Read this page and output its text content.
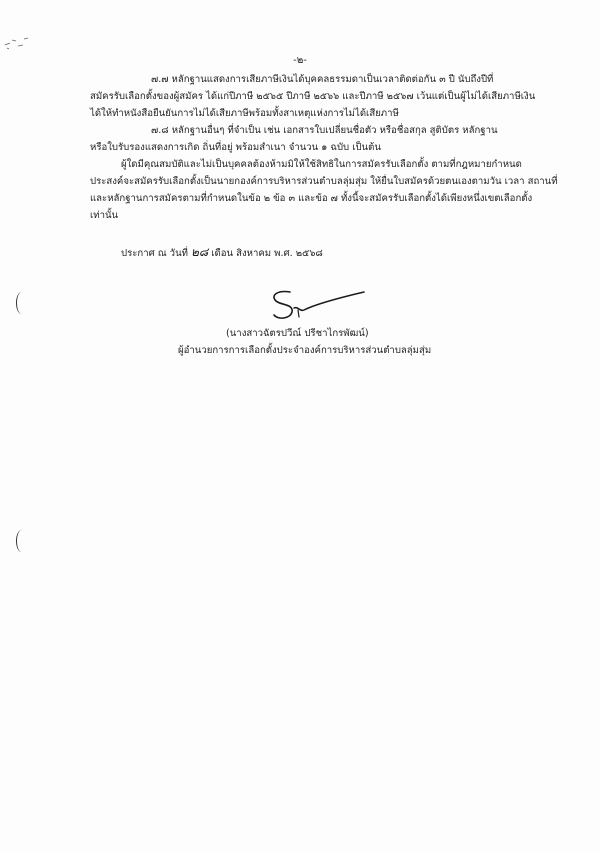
-๒-
๗.๗ หลักฐานแสดงการเสียภาษีเงินได้บุคคลธรรมดาเป็นเวลาติดต่อกัน ๓ ปี นับถึงปีที่
สมัครรับเลือกตั้งของผู้สมัคร ได้แก่ปีภาษี ๒๕๖๕ ปีภาษี ๒๕๖๖ และปีภาษี ๒๕๖๗ เว้นแต่เป็นผู้ไม่ได้เสียภาษีเงิน
ได้ให้ทำหนังสือยืนยันการไม่ได้เสียภาษีพร้อมทั้งสาเหตุแห่งการไม่ได้เสียภาษี
๗.๘ หลักฐานอื่นๆ ที่จำเป็น เช่น เอกสารใบเปลี่ยนชื่อตัว หรือชื่อสกุล สูติบัตร หลักฐาน
หรือใบรับรองแสดงการเกิด ถิ่นที่อยู่ พร้อมสำเนา จำนวน ๑ ฉบับ เป็นต้น
ผู้ใดมีคุณสมบัติและไม่เป็นบุคคลต้องห้ามมิให้ใช้สิทธิในการสมัครรับเลือกตั้ง ตามที่กฎหมายกำหนด
ประสงค์จะสมัครรับเลือกตั้งเป็นนายกองค์การบริหารส่วนตำบลลุ่มสุ่ม ให้ยื่นใบสมัครด้วยตนเองตามวัน เวลา สถานที่
และหลักฐานการสมัครตามที่กำหนดในข้อ ๒ ข้อ ๓ และข้อ ๗ ทั้งนี้จะสมัครรับเลือกตั้งได้เพียงหนึ่งเขตเลือกตั้ง
เท่านั้น
ประกาศ ณ วันที่ ๒๘ เดือน สิงหาคม พ.ศ. ๒๕๖๘
(นางสาวฉัตรปวีณ์ ปรีชาไกรพัฒน์)
ผู้อำนวยการการเลือกตั้งประจำองค์การบริหารส่วนตำบลลุ่มสุ่ม
